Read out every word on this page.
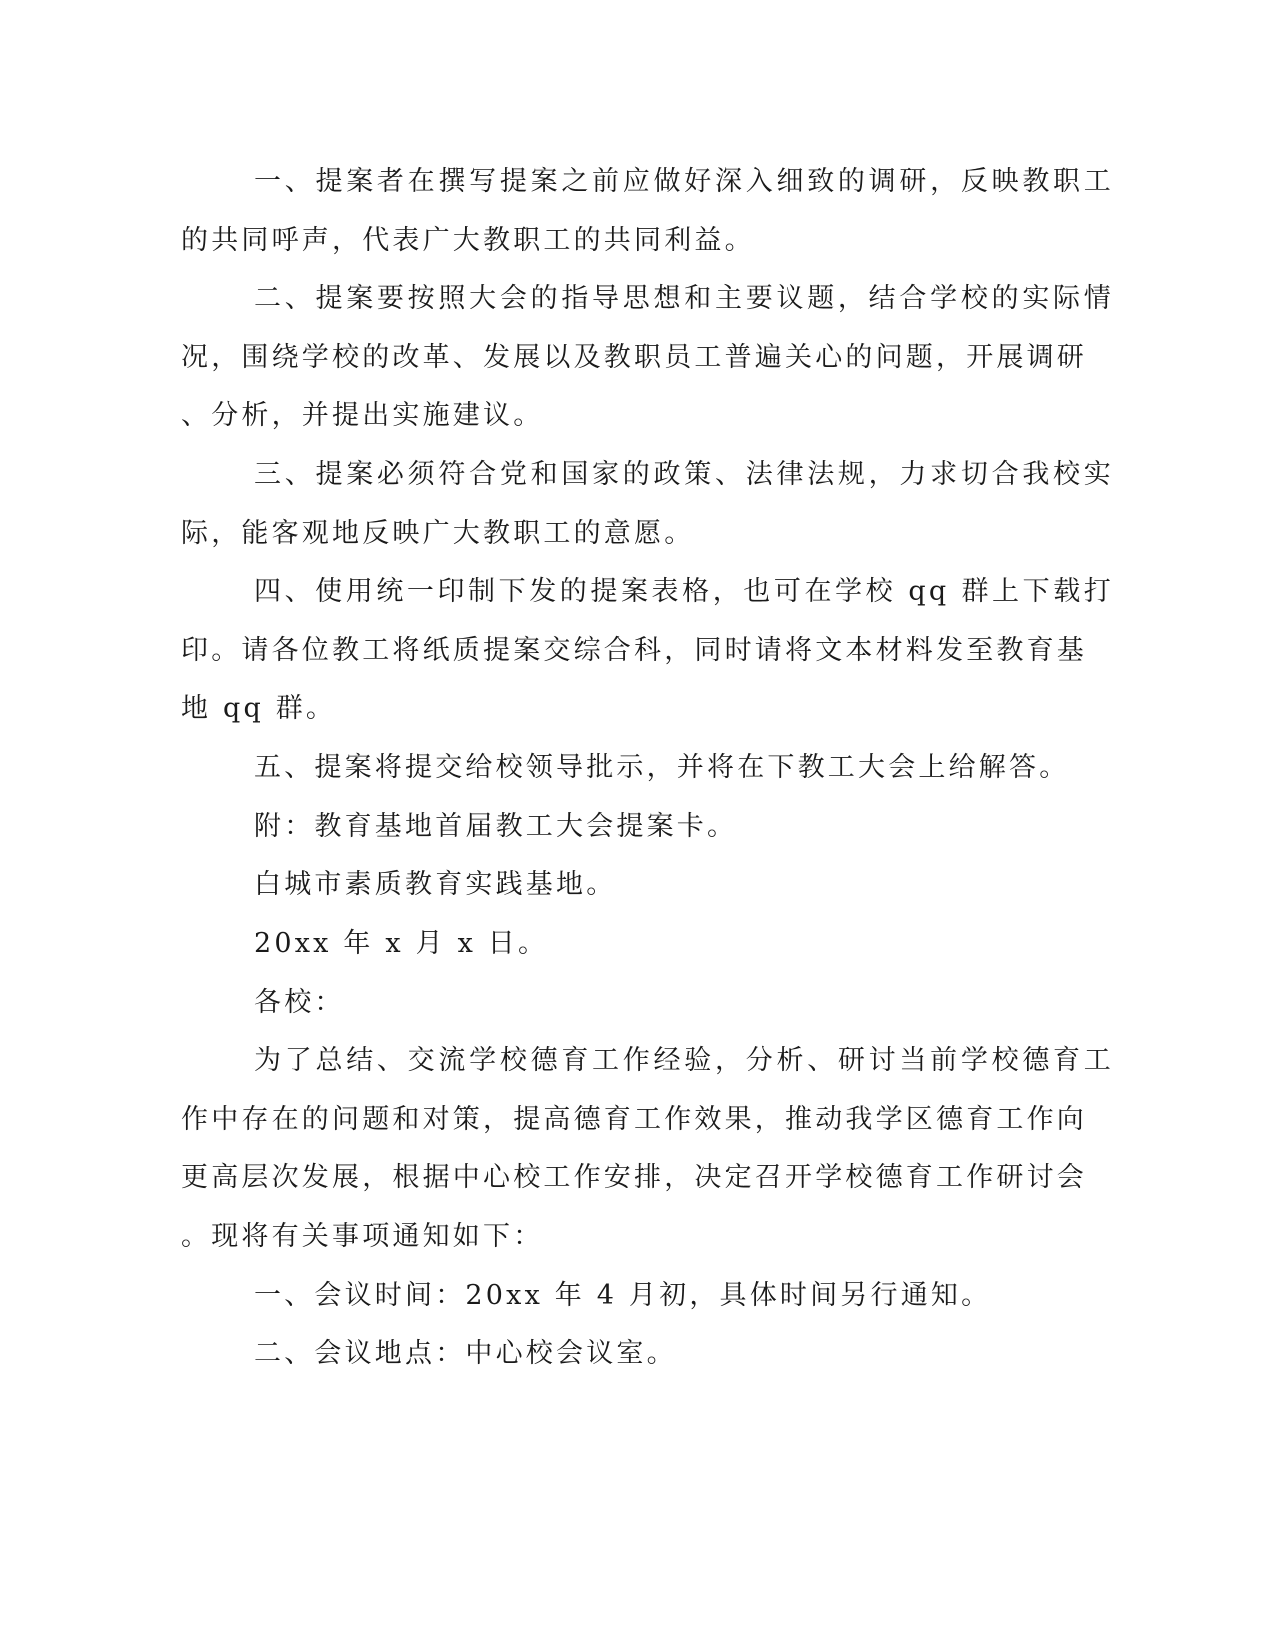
一、提案者在撰写提案之前应做好深入细致的调研，反映教职工
的共同呼声，代表广大教职工的共同利益。
二、提案要按照大会的指导思想和主要议题，结合学校的实际情
况，围绕学校的改革、发展以及教职员工普遍关心的问题，开展调研
、分析，并提出实施建议。
三、提案必须符合党和国家的政策、法律法规，力求切合我校实
际，能客观地反映广大教职工的意愿。
四、使用统一印制下发的提案表格，也可在学校 qq 群上下载打
印。请各位教工将纸质提案交综合科，同时请将文本材料发至教育基
地 qq 群。
五、提案将提交给校领导批示，并将在下教工大会上给解答。
附：教育基地首届教工大会提案卡。
白城市素质教育实践基地。
20xx 年 x 月 x 日。
各校：
为了总结、交流学校德育工作经验，分析、研讨当前学校德育工
作中存在的问题和对策，提高德育工作效果，推动我学区德育工作向
更高层次发展，根据中心校工作安排，决定召开学校德育工作研讨会
。现将有关事项通知如下：
一、会议时间：20xx 年 4 月初，具体时间另行通知。
二、会议地点：中心校会议室。
